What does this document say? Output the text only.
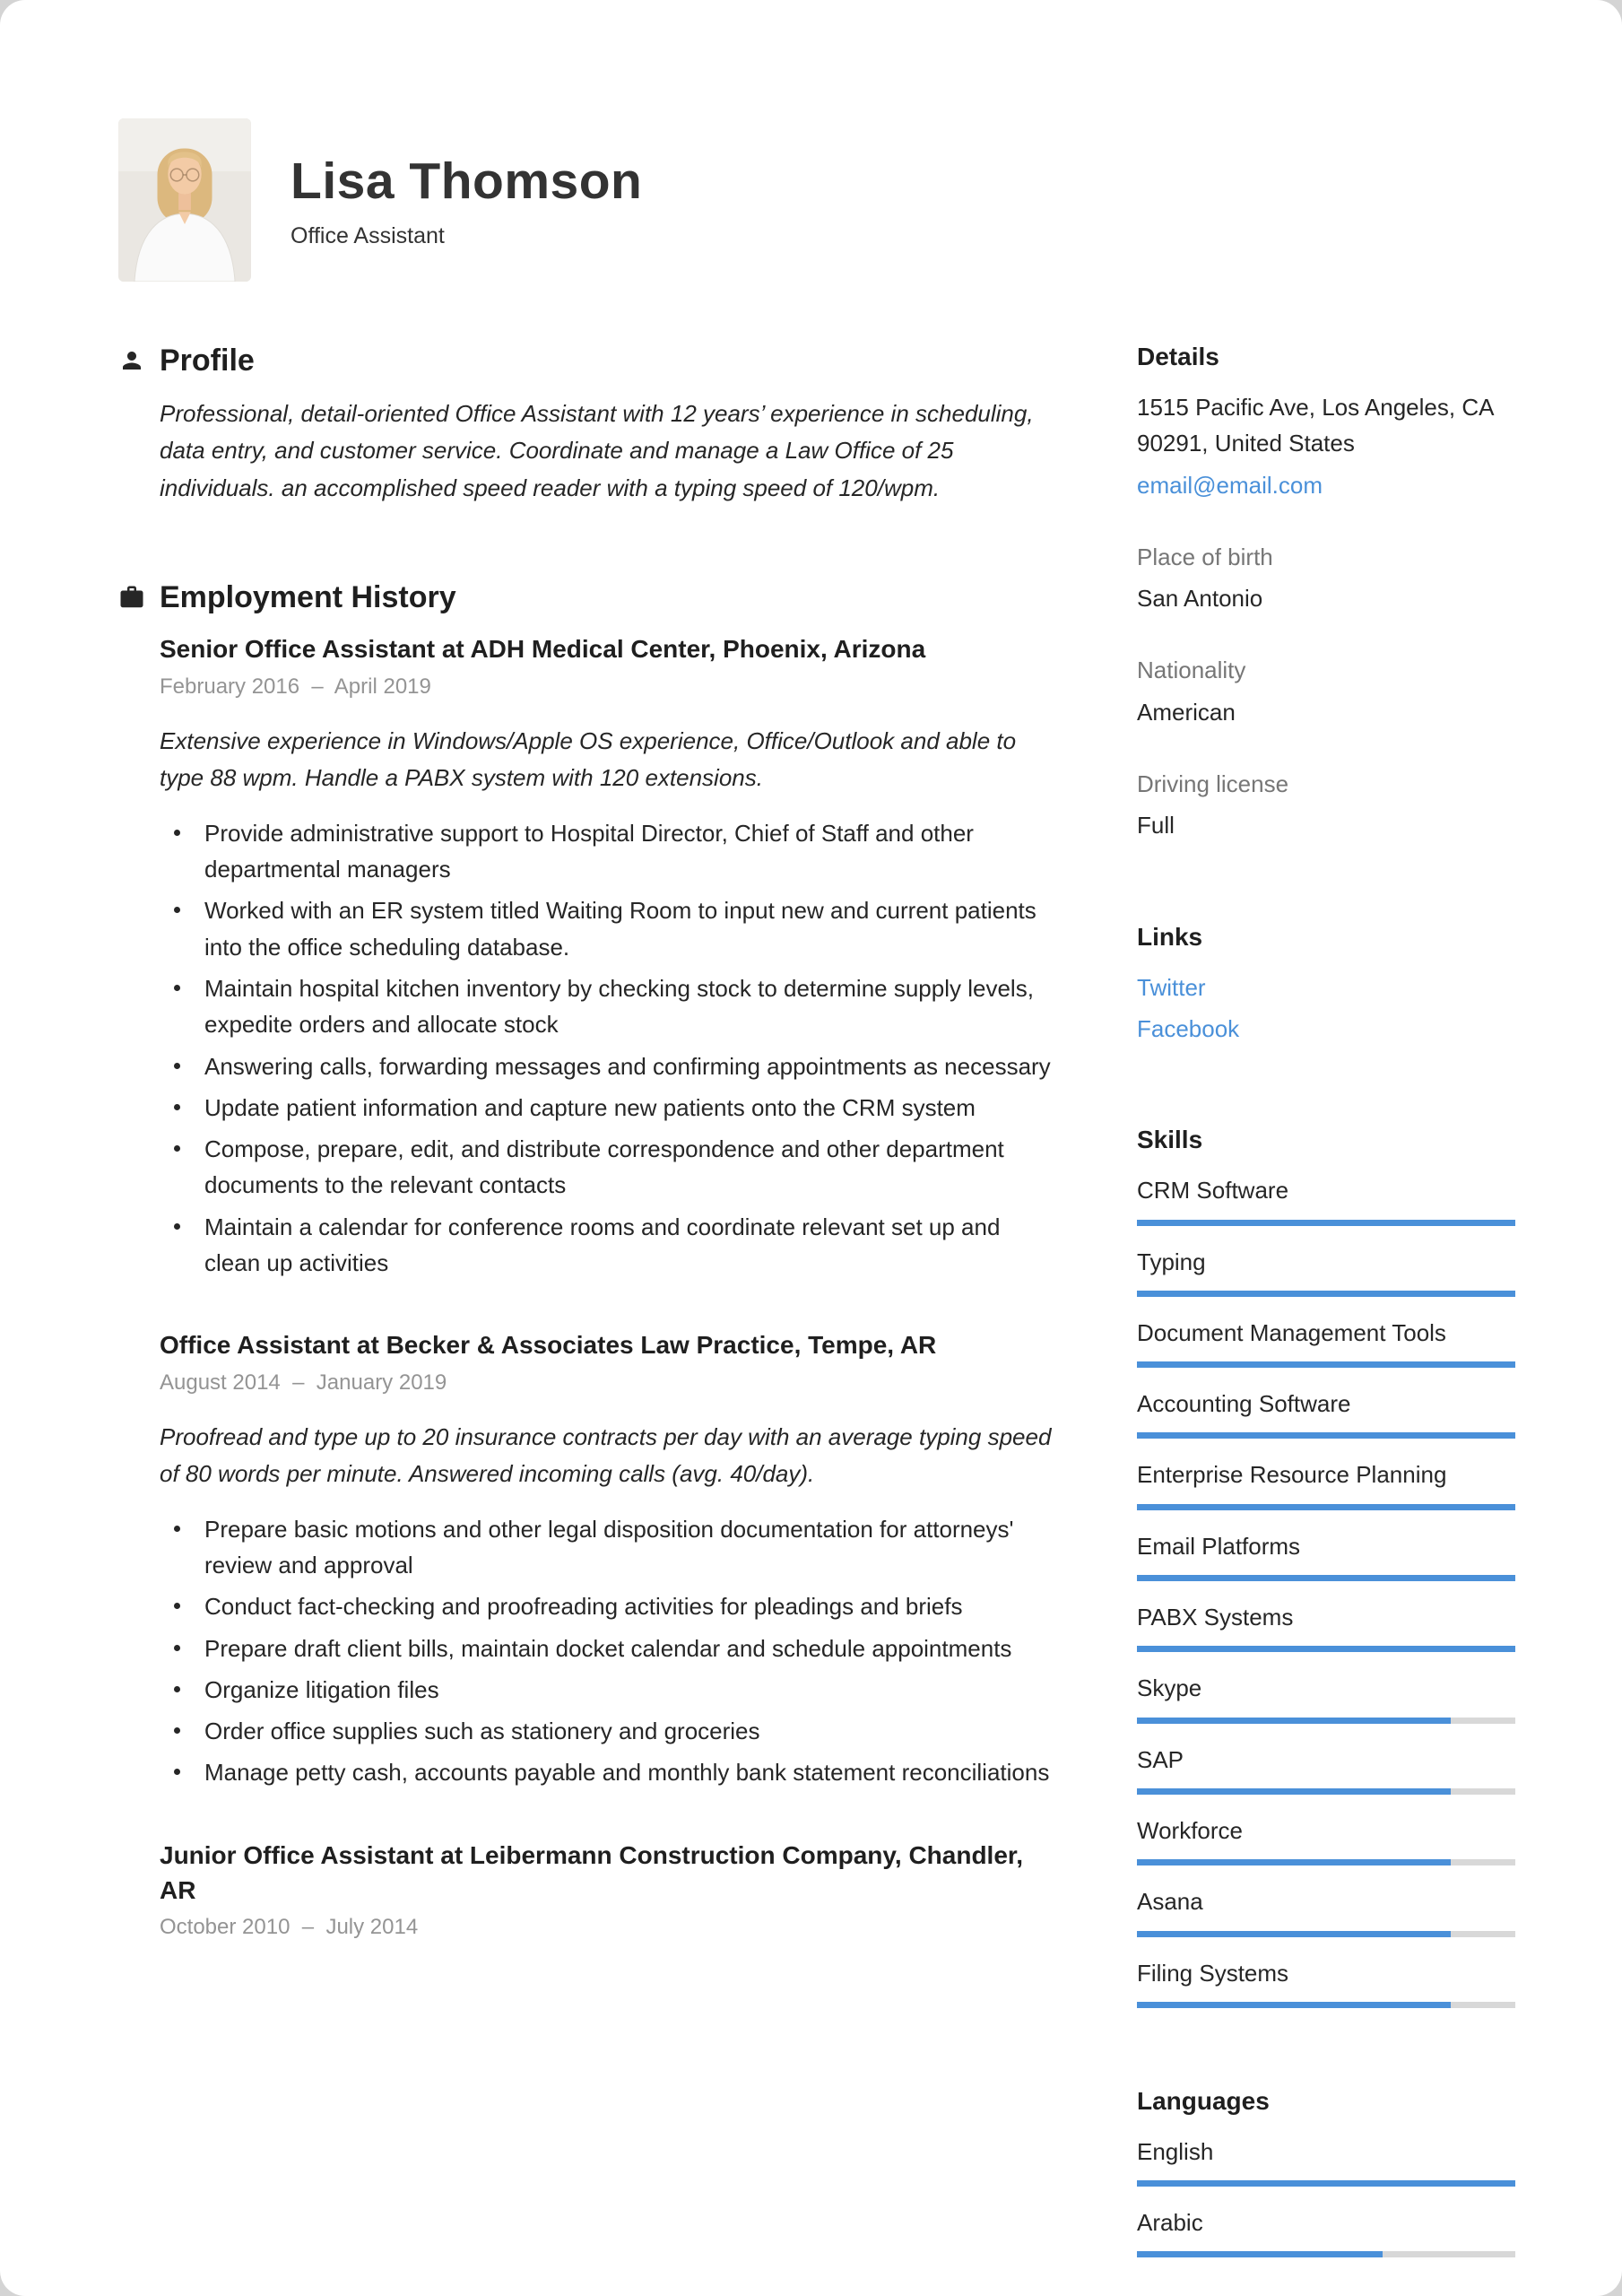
Lisa Thomson
Office Assistant
Profile

Professional, detail-oriented Office Assistant with 12 years’ experience in scheduling, data entry, and customer service. Coordinate and manage a Law Office of 25 individuals. an accomplished speed reader with a typing speed of 120/wpm.

Employment History
Senior Office Assistant at ADH Medical Center, Phoenix, Arizona
February 2016  –  April 2019

Extensive experience in Windows/Apple OS experience, Office/Outlook and able to type 88 wpm. Handle a PABX system with 120 extensions.

Provide administrative support to Hospital Director, Chief of Staff and other departmental managers
Worked with an ER system titled Waiting Room to input new and current patients into the office scheduling database.
Maintain hospital kitchen inventory by checking stock to determine supply levels, expedite orders and allocate stock
Answering calls, forwarding messages and confirming appointments as necessary
Update patient information and capture new patients onto the CRM system
Compose, prepare, edit, and distribute correspondence and other department documents to the relevant contacts
Maintain a calendar for conference rooms and coordinate relevant set up and clean up activities
Office Assistant at Becker & Associates Law Practice, Tempe, AR
August 2014  –  January 2019

Proofread and type up to 20 insurance contracts per day with an average typing speed of 80 words per minute. Answered incoming calls (avg. 40/day).

Prepare basic motions and other legal disposition documentation for attorneys' review and approval
Conduct fact-checking and proofreading activities for pleadings and briefs
Prepare draft client bills, maintain docket calendar and schedule appointments
Organize litigation files
Order office supplies such as stationery and groceries
Manage petty cash, accounts payable and monthly bank statement reconciliations
Junior Office Assistant at Leibermann Construction Company, Chandler, AR
October 2010  –  July 2014
Details
1515 Pacific Ave, Los Angeles, CA 90291, United States
email@email.com
Place of birth
San Antonio
Nationality
American
Driving license
Full
Links
Twitter
Facebook
Skills
CRM Software
Typing
Document Management Tools
Accounting Software
Enterprise Resource Planning
Email Platforms
PABX Systems
Skype
SAP
Workforce
Asana
Filing Systems
Languages
English
Arabic
